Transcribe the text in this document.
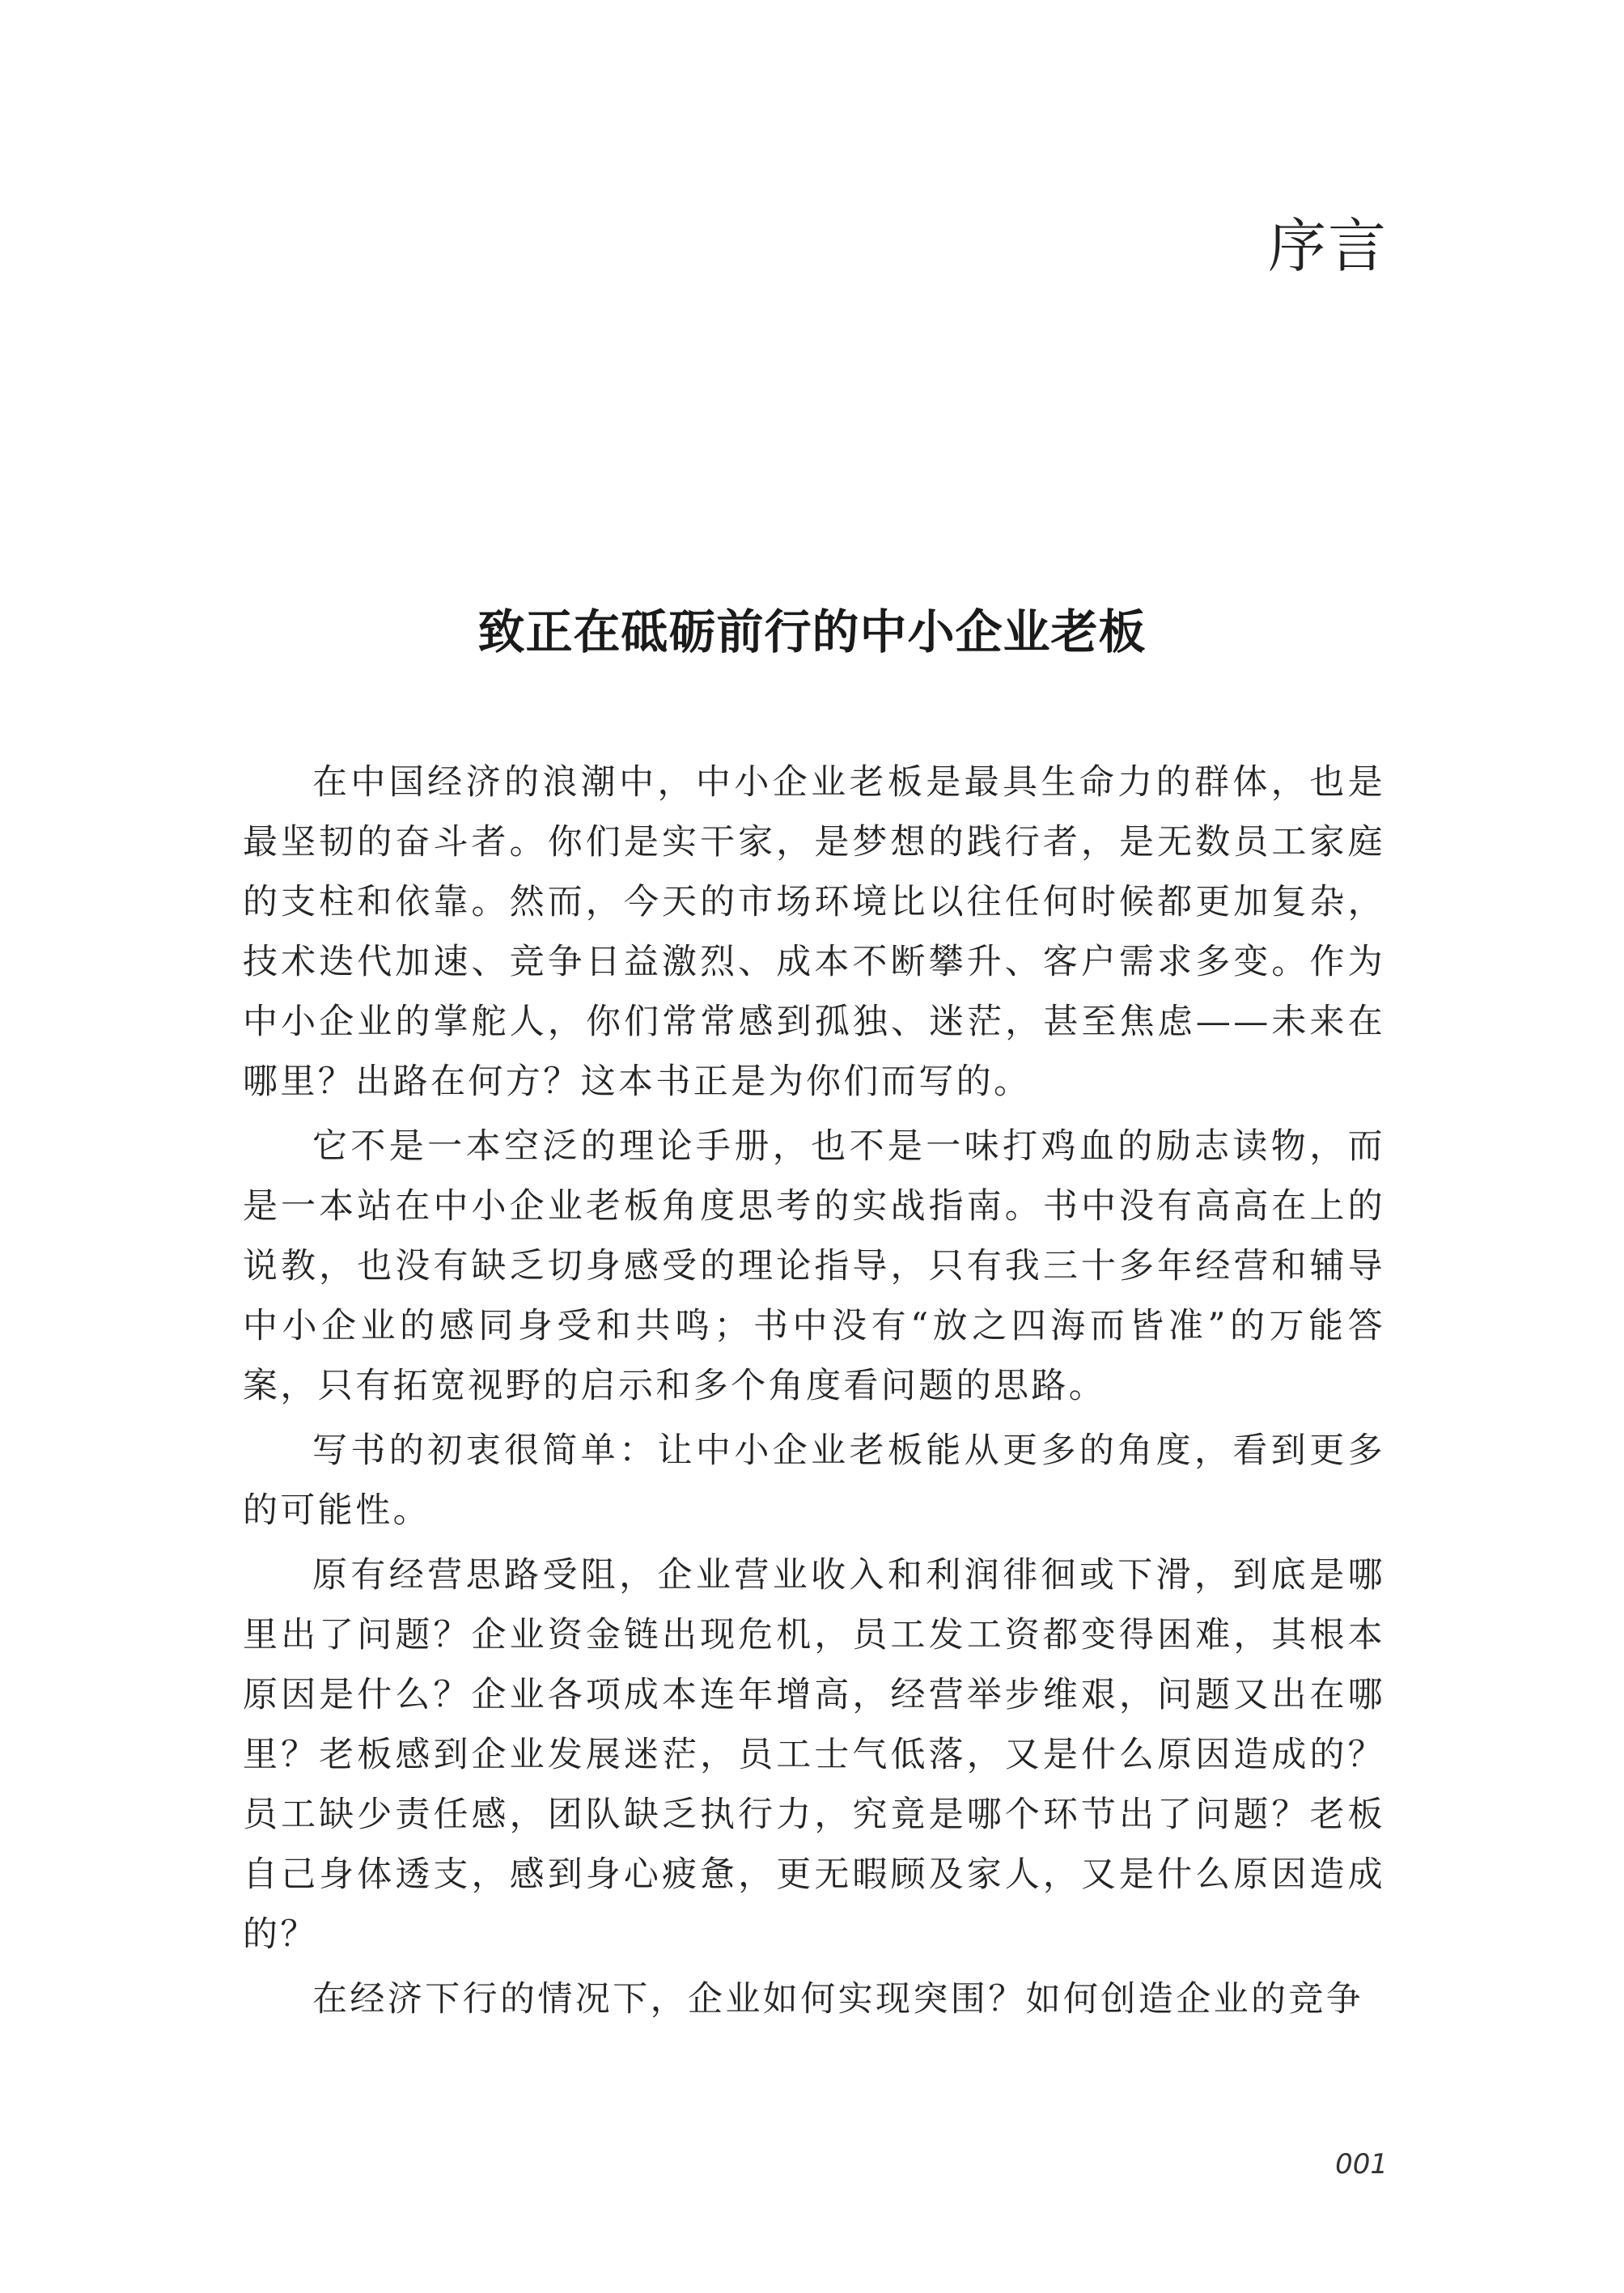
序言
致正在砥砺前行的中小企业老板

在中国经济的浪潮中，中小企业老板是最具生命力的群体，也是最坚韧的奋斗者。你们是实干家，是梦想的践行者，是无数员工家庭的支柱和依靠。然而，今天的市场环境比以往任何时候都更加复杂，技术迭代加速、竞争日益激烈、成本不断攀升、客户需求多变。作为中小企业的掌舵人，你们常常感到孤独、迷茫，甚至焦虑——未来在哪里？出路在何方？这本书正是为你们而写的。

它不是一本空泛的理论手册，也不是一味打鸡血的励志读物，而是一本站在中小企业老板角度思考的实战指南。书中没有高高在上的说教，也没有缺乏切身感受的理论指导，只有我三十多年经营和辅导中小企业的感同身受和共鸣；书中没有“放之四海而皆准”的万能答案，只有拓宽视野的启示和多个角度看问题的思路。

写书的初衷很简单：让中小企业老板能从更多的角度，看到更多的可能性。

原有经营思路受阻，企业营业收入和利润徘徊或下滑，到底是哪里出了问题？企业资金链出现危机，员工发工资都变得困难，其根本原因是什么？企业各项成本连年增高，经营举步维艰，问题又出在哪里？老板感到企业发展迷茫，员工士气低落，又是什么原因造成的？员工缺少责任感，团队缺乏执行力，究竟是哪个环节出了问题？老板自己身体透支，感到身心疲惫，更无暇顾及家人，又是什么原因造成的？

在经济下行的情况下，企业如何实现突围？如何创造企业的竞争

001
